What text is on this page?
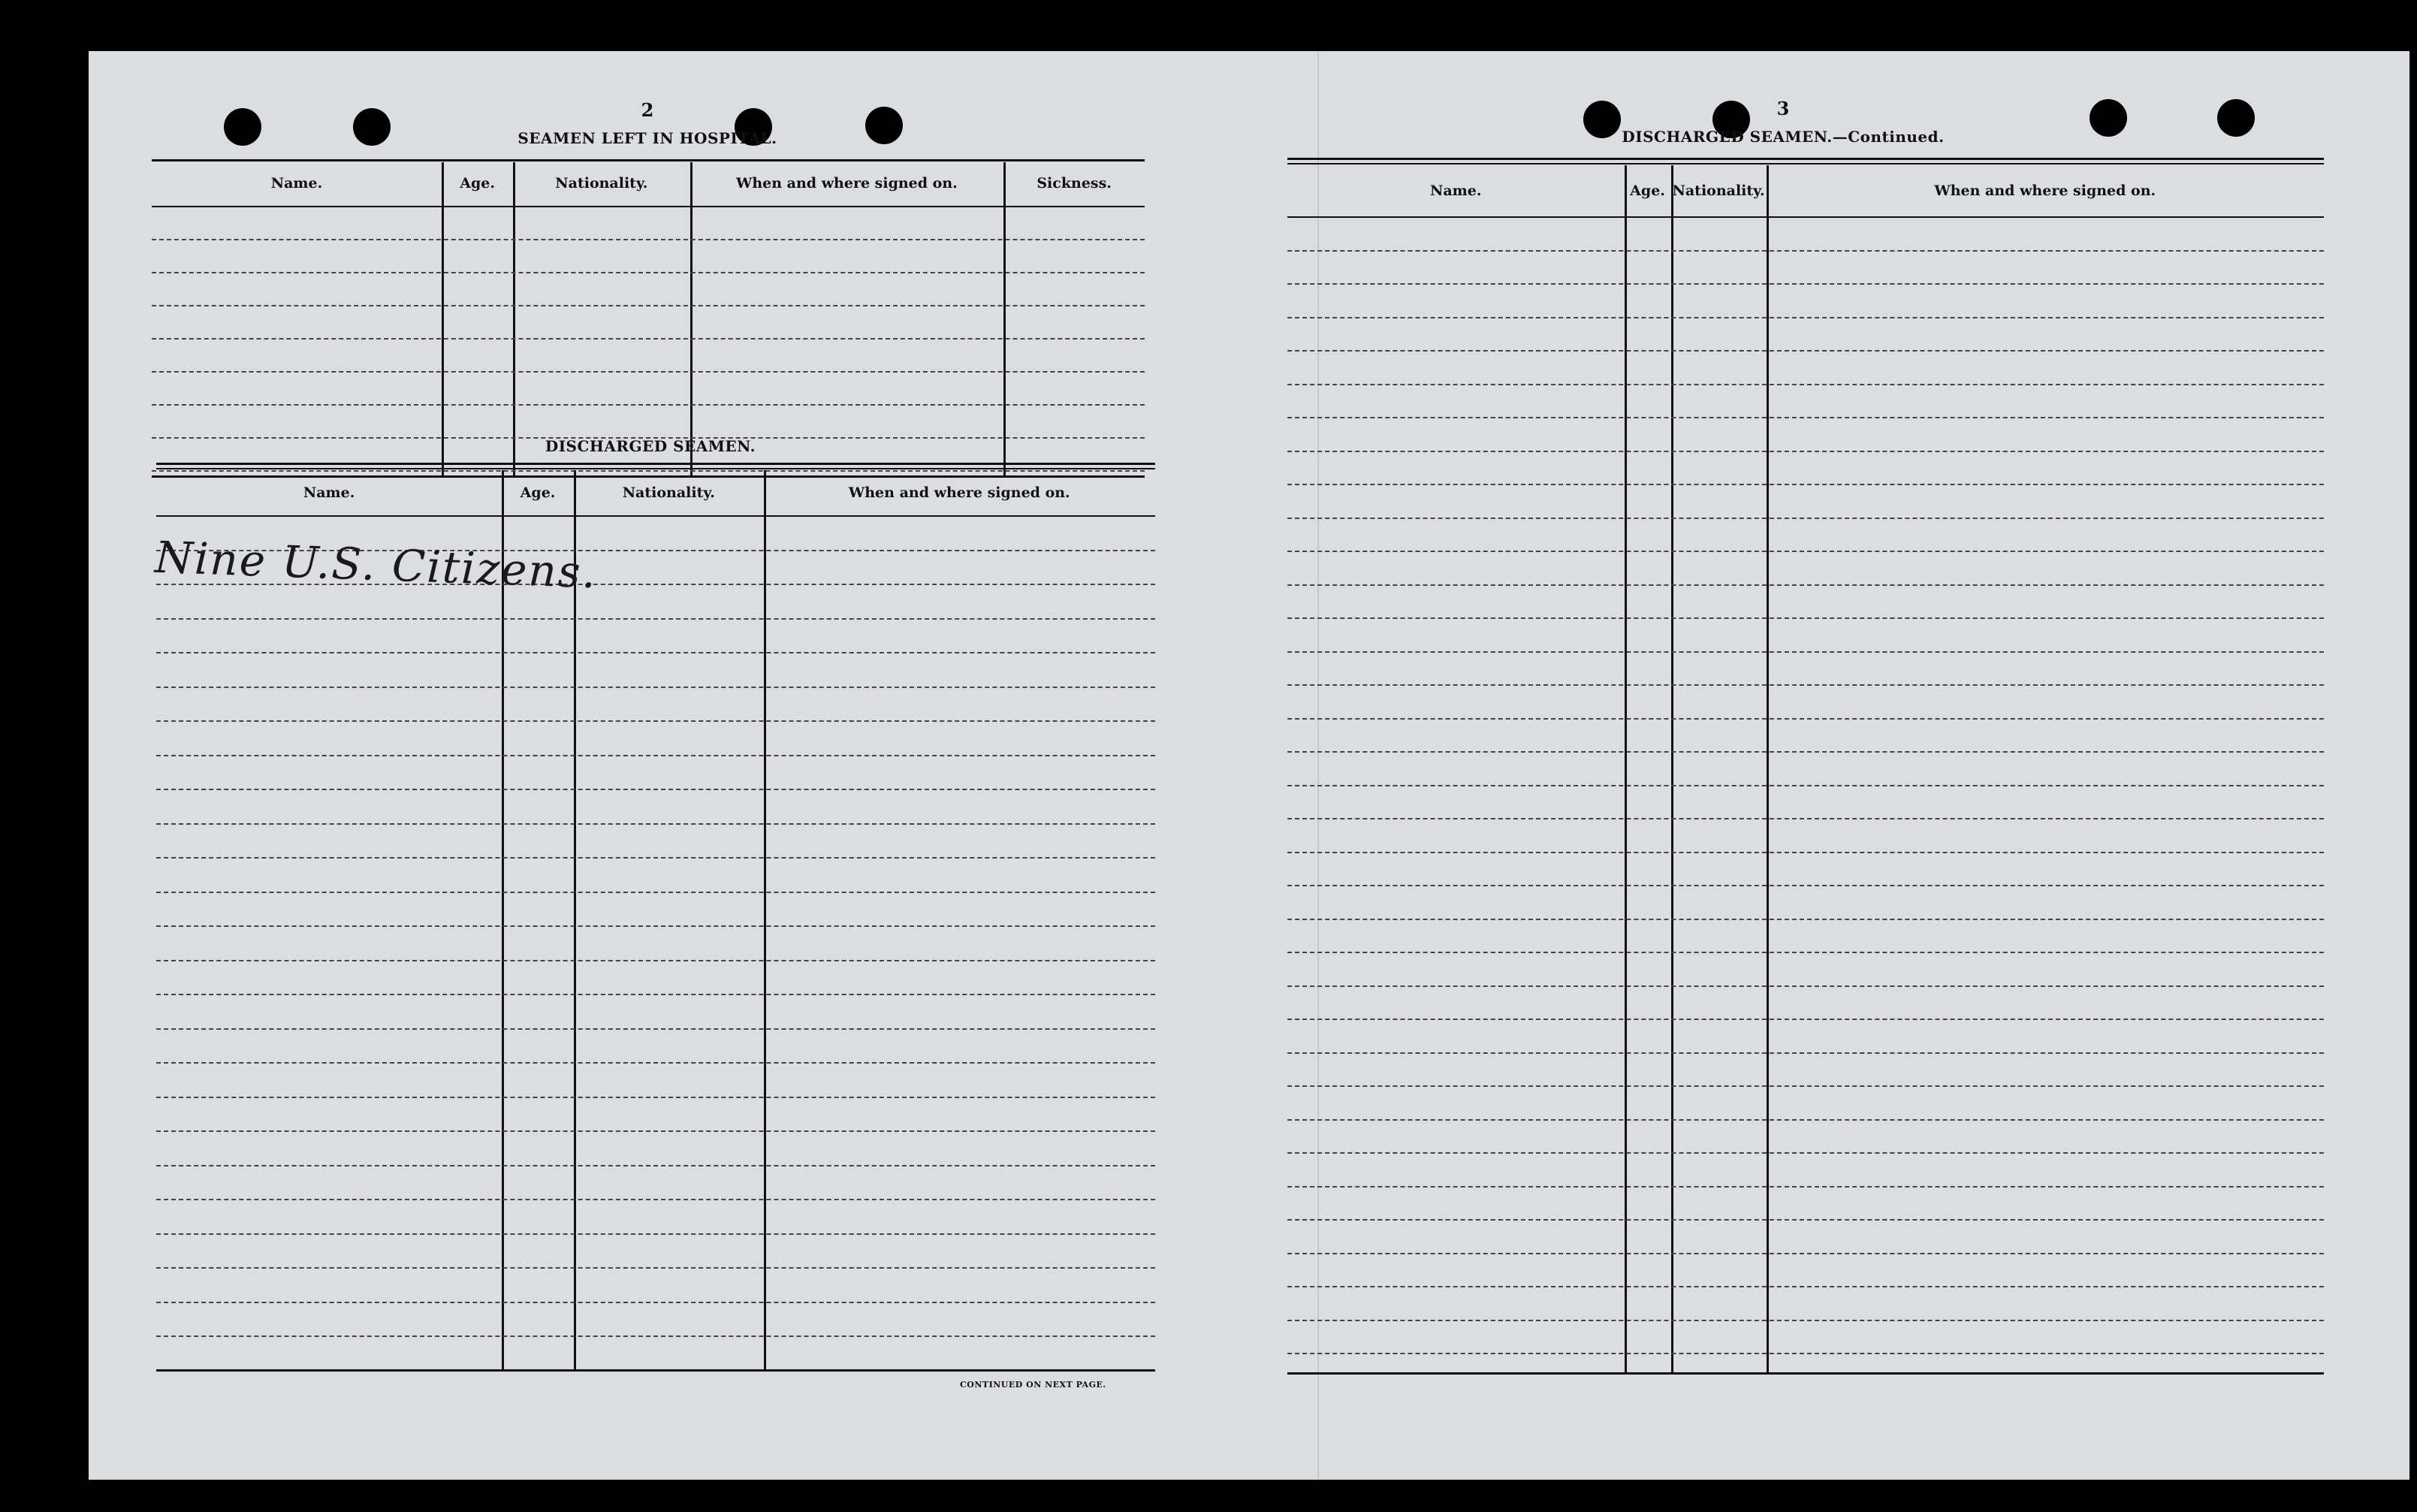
2
SEAMEN LEFT IN HOSPITAL.
Name.	Age.	Nationality.	When and where signed on.	Sickness.
DISCHARGED SEAMEN.
Name.	Age.	Nationality.	When and where signed on.
Nine U.S. Citizens.
CONTINUED ON NEXT PAGE.
3
DISCHARGED SEAMEN.—Continued.
Name.	Age. Nationality.	When and where signed on.
